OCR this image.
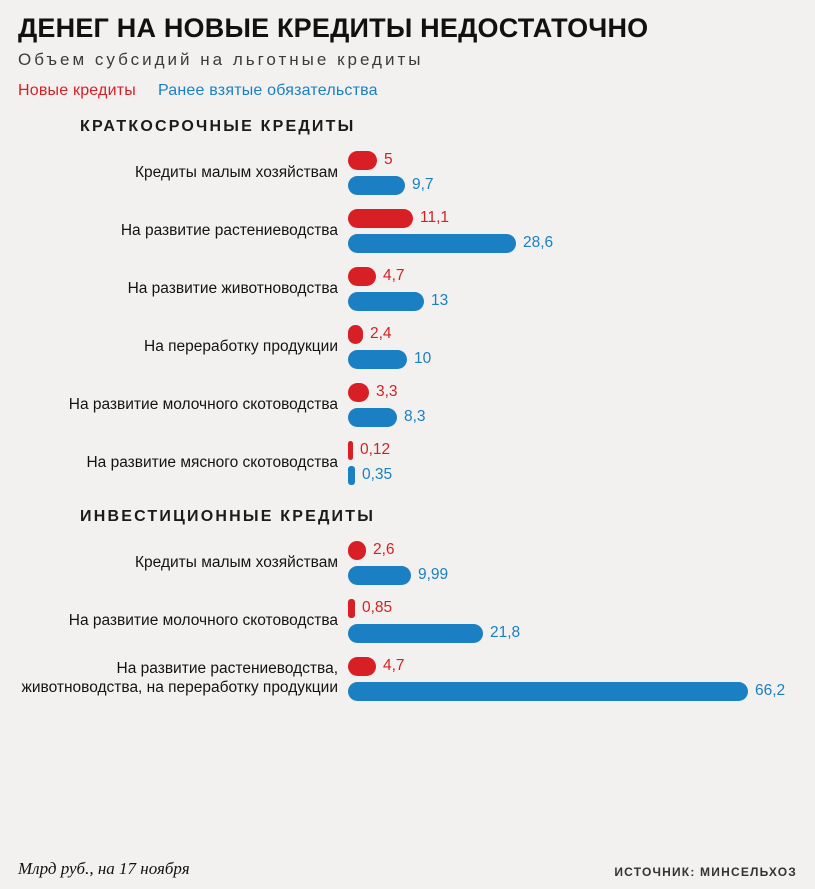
ДЕНЕГ НА НОВЫЕ КРЕДИТЫ НЕДОСТАТОЧНО
Объем субсидий на льготные кредиты
Новые кредиты Ранее взятые обязательства
КРАТКОСРОЧНЫЕ КРЕДИТЫ
Кредиты малым хозяйствам
5
9,7
На развитие растениеводства
11,1
28,6
На развитие животноводства
4,7
13
На переработку продукции
2,4
10
На развитие молочного скотоводства
3,3
8,3
На развитие мясного скотоводства
0,12
0,35
ИНВЕСТИЦИОННЫЕ КРЕДИТЫ
Кредиты малым хозяйствам
2,6
9,99
На развитие молочного скотоводства
0,85
21,8
На развитие растениеводства, животноводства, на переработку продукции
4,7
66,2
Млрд руб., на 17 ноября	ИСТОЧНИК: МИНСЕЛЬХОЗ
